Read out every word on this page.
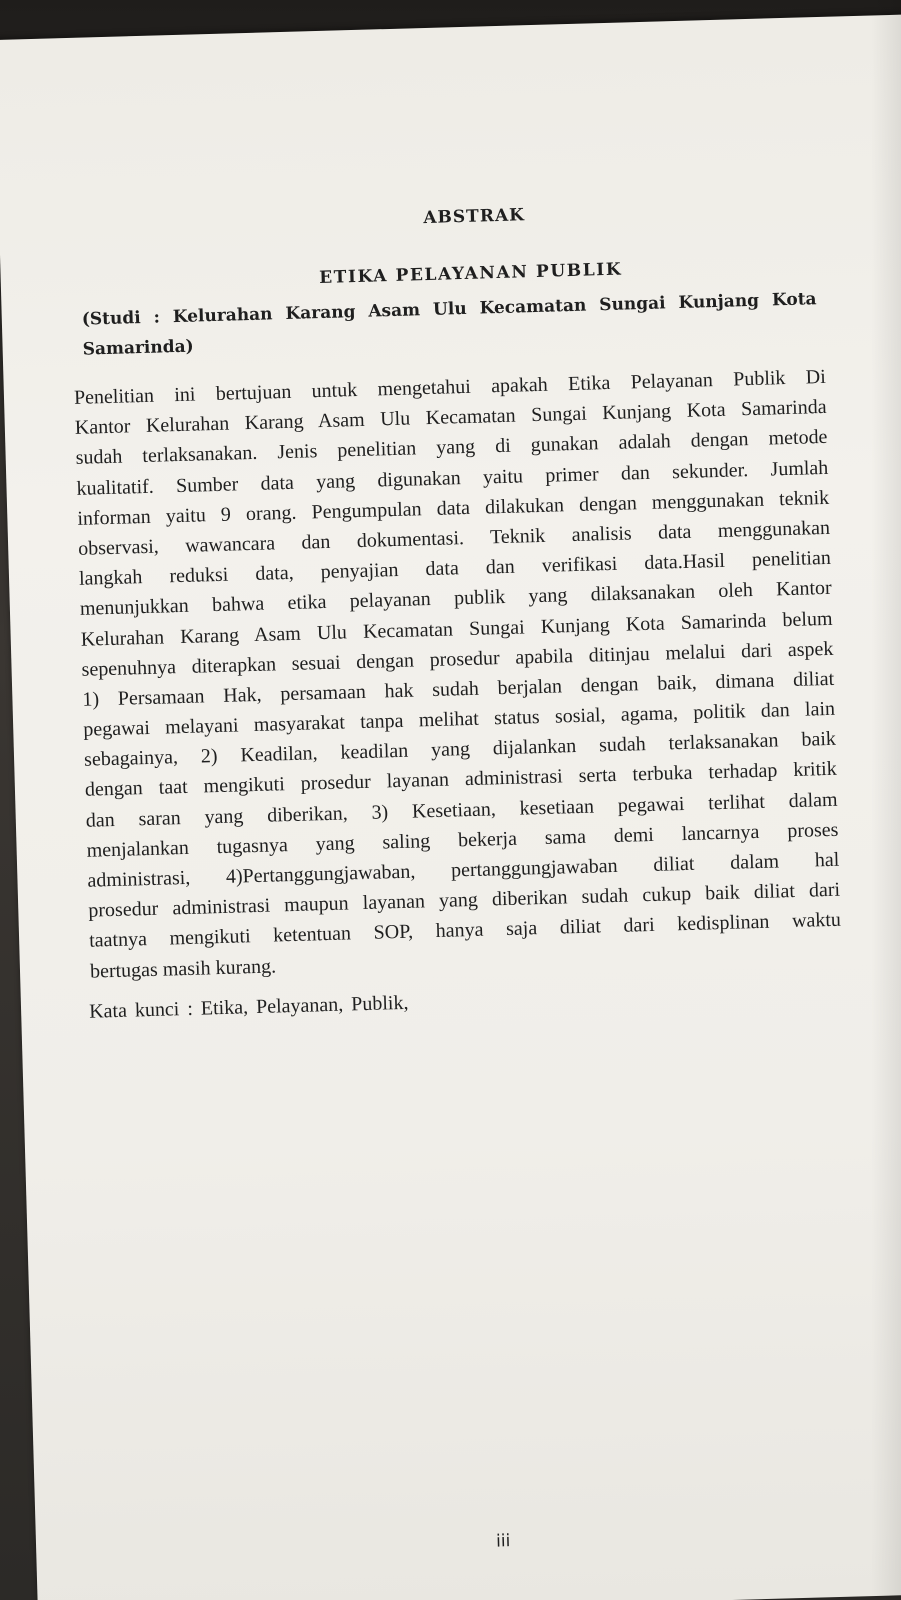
ABSTRAK
ETIKA PELAYANAN PUBLIK
(Studi : Kelurahan Karang Asam Ulu Kecamatan Sungai Kunjang Kota Samarinda)
Penelitian ini bertujuan untuk mengetahui apakah Etika Pelayanan Publik Di
Kantor Kelurahan Karang Asam Ulu Kecamatan Sungai Kunjang Kota Samarinda
sudah terlaksanakan. Jenis penelitian yang di gunakan adalah dengan metode
kualitatif. Sumber data yang digunakan yaitu primer dan sekunder. Jumlah
informan yaitu 9 orang. Pengumpulan data dilakukan dengan menggunakan teknik
observasi, wawancara dan dokumentasi. Teknik analisis data menggunakan
langkah reduksi data, penyajian data dan verifikasi data.Hasil penelitian
menunjukkan bahwa etika pelayanan publik yang dilaksanakan oleh Kantor
Kelurahan Karang Asam Ulu Kecamatan Sungai Kunjang Kota Samarinda belum
sepenuhnya diterapkan sesuai dengan prosedur apabila ditinjau melalui dari aspek
1) Persamaan Hak, persamaan hak sudah berjalan dengan baik, dimana diliat
pegawai melayani masyarakat tanpa melihat status sosial, agama, politik dan lain
sebagainya, 2) Keadilan, keadilan yang dijalankan sudah terlaksanakan baik
dengan taat mengikuti prosedur layanan administrasi serta terbuka terhadap kritik
dan saran yang diberikan, 3) Kesetiaan, kesetiaan pegawai terlihat dalam
menjalankan tugasnya yang saling bekerja sama demi lancarnya proses
administrasi, 4)Pertanggungjawaban, pertanggungjawaban diliat dalam hal
prosedur administrasi maupun layanan yang diberikan sudah cukup baik diliat dari
taatnya mengikuti ketentuan SOP, hanya saja diliat dari kedisplinan waktu
bertugas masih kurang.
Kata kunci : Etika, Pelayanan, Publik,
iii
